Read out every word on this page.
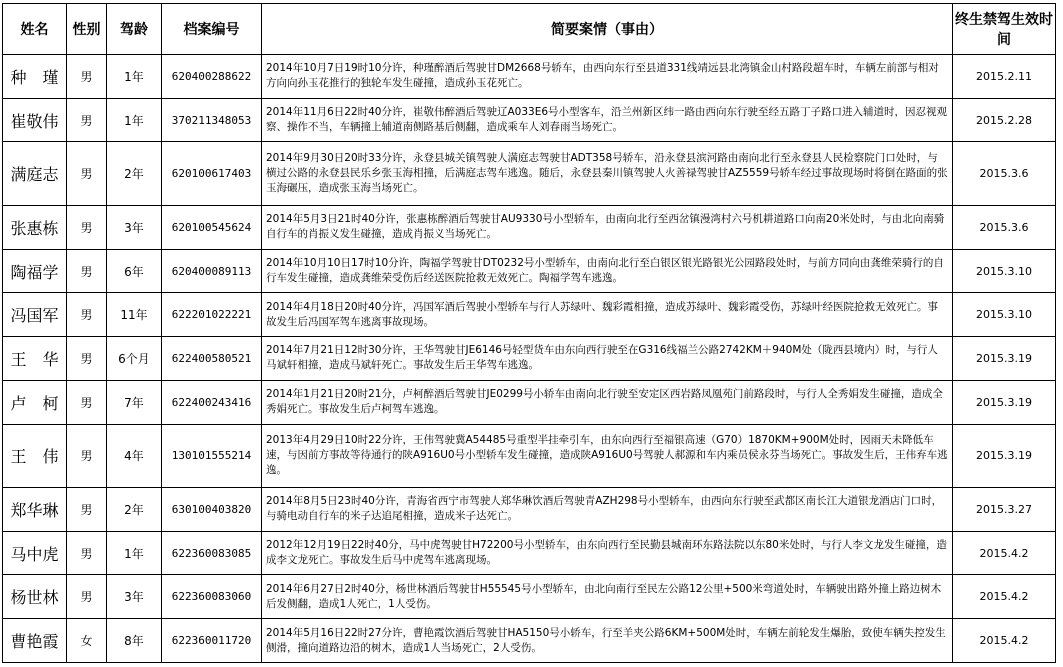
姓名	性别	驾龄	档案编号	简要案情（事由）	终生禁驾生效时间
种　瑾	男	1年	620400288622	2014年10月7日19时10分许，种瑾醉酒后驾驶甘DM2668号轿车，由西向东行至县道331线靖远县北湾镇金山村路段超车时，车辆左前部与相对方向向孙玉花推行的独轮车发生碰撞，造成孙玉花死亡。	2015.2.11
崔敬伟	男	1年	370211348053	2014年11月6日22时40分许，崔敬伟醉酒后驾驶辽A033E6号小型客车，沿兰州新区纬一路由西向东行驶至经五路丁子路口进入辅道时，因忍视观察、操作不当，车辆撞上辅道南侧路基后侧翻，造成乘车人刘春雨当场死亡。	2015.2.28
满庭志	男	2年	620100617403	2014年9月30日20时33分许，永登县城关镇驾驶人满庭志驾驶甘ADT358号轿车，沿永登县滨河路由南向北行至永登县人民检察院门口处时，与横过公路的永登县民乐乡张玉海相撞，后满庭志驾车逃逸。随后，永登县秦川镇驾驶人火善禄驾驶甘AZ5559号轿车经过事故现场时将倒在路面的张玉海碾压，造成张玉海当场死亡。	2015.3.6
张惠栋	男	3年	620100545624	2014年5月3日21时40分许，张惠栋醉酒后驾驶甘AU9330号小型轿车，由南向北行至西岔镇漫湾村六号机耕道路口向南20米处时，与由北向南骑自行车的肖振义发生碰撞，造成肖振义当场死亡。	2015.3.6
陶福学	男	6年	620400089113	2014年10月10日17时10分许，陶福学驾驶甘DT0232号小型轿车，由南向北行至白银区银光路银光公园路段处时，与前方同向由龚维荣骑行的自行车发生碰撞，造成龚维荣受伤后经送医院抢救无效死亡。陶福学驾车逃逸。	2015.3.10
冯国军	男	11年	622201022221	2014年4月18日20时40分许，冯国军酒后驾驶小型轿车与行人苏绿叶、魏彩霞相撞，造成苏绿叶、魏彩霞受伤，苏绿叶经医院抢救无效死亡。事故发生后冯国军驾车逃离事故现场。	2015.3.10
王　华	男	6个月	622400580521	2014年7月21日12时30分许，王华驾驶甘JE6146号轻型货车由东向西行驶至在G316线福兰公路2742KM＋940M处（陇西县境内）时，与行人马斌轩相撞，造成马斌轩死亡。事故发生后王华驾车逃逸。	2015.3.19
卢　柯	男	7年	622400243416	2014年1月21日20时21分，卢柯醉酒后驾驶甘JE0299号小轿车由南向北行驶至安定区西岩路凤凰苑门前路段时，与行人全秀娟发生碰撞，造成全秀娟死亡。事故发生后卢柯驾车逃逸。	2015.3.19
王　伟	男	4年	130101555214	2013年4月29日10时22分许，王伟驾驶冀A54485号重型半挂牵引车，由东向西行至福银高速（G70）1870KM+900M处时，因雨天未降低车速，与因前方事故等待通行的陕A916U0号小型轿车发生碰撞，造成陕A916U0号驾驶人郝源和车内乘员侯永芬当场死亡。事故发生后，王伟弃车逃逸。	2015.3.19
郑华琳	男	2年	630100403820	2014年8月5日23时40分许，青海省西宁市驾驶人郑华琳饮酒后驾驶青AZH298号小型轿车，由西向东行驶至武都区南长江大道银龙酒店门口时，与骑电动自行车的米子达追尾相撞，造成米子达死亡。	2015.3.27
马中虎	男	1年	622360083085	2012年12月19日22时40分，马中虎驾驶甘H72200号小型轿车，由东向西行至民勤县城南环东路法院以东80米处时，与行人李文龙发生碰撞，造成李文龙死亡。事故发生后马中虎驾车逃离现场。	2015.4.2
杨世林	男	3年	622360083060	2014年6月27日2时40分，杨世林酒后驾驶甘H55545号小型轿车，由北向南行至民左公路12公里+500米弯道处时，车辆驶出路外撞上路边树木后发侧翻，造成1人死亡，1人受伤。	2015.4.2
曹艳霞	女	8年	622360011720	2014年5月16日22时27分许，曹艳霞饮酒后驾驶甘HA5150号小轿车，行至羊夹公路6KM+500M处时，车辆左前轮发生爆胎，致使车辆失控发生侧滑，撞向道路边沿的树木，造成1人当场死亡，2人受伤。	2015.4.2
